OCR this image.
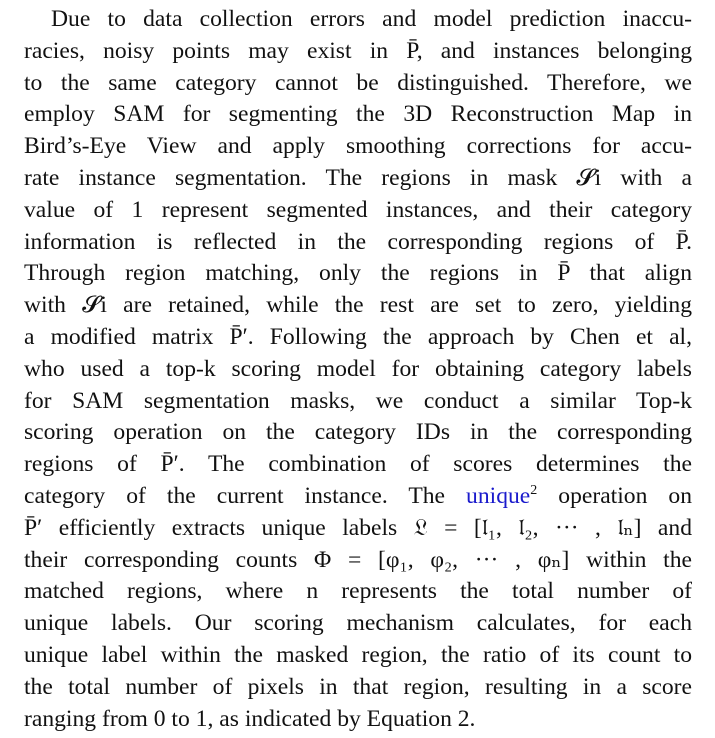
Due to data collection errors and model prediction inaccu-
racies, noisy points may exist in P̄, and instances belonging
to the same category cannot be distinguished. Therefore, we
employ SAM for segmenting the 3D Reconstruction Map in
Bird’s-Eye View and apply smoothing corrections for accu-
rate instance segmentation. The regions in mask 𝓢i with a
value of 1 represent segmented instances, and their category
information is reflected in the corresponding regions of P̄.
Through region matching, only the regions in P̄ that align
with 𝓢i are retained, while the rest are set to zero, yielding
a modified matrix P̄′. Following the approach by Chen et al,
who used a top-k scoring model for obtaining category labels
for SAM segmentation masks, we conduct a similar Top-k
scoring operation on the category IDs in the corresponding
regions of P̄′. The combination of scores determines the
category of the current instance. The unique$^2$ operation on
P̄′ efficiently extracts unique labels 𝔏 = [𝔩₁, 𝔩₂, ··· , 𝔩ₙ] and
their corresponding counts Φ = [φ₁, φ₂, ··· , φₙ] within the
matched regions, where n represents the total number of
unique labels. Our scoring mechanism calculates, for each
unique label within the masked region, the ratio of its count to
the total number of pixels in that region, resulting in a score
ranging from 0 to 1, as indicated by Equation 2.
